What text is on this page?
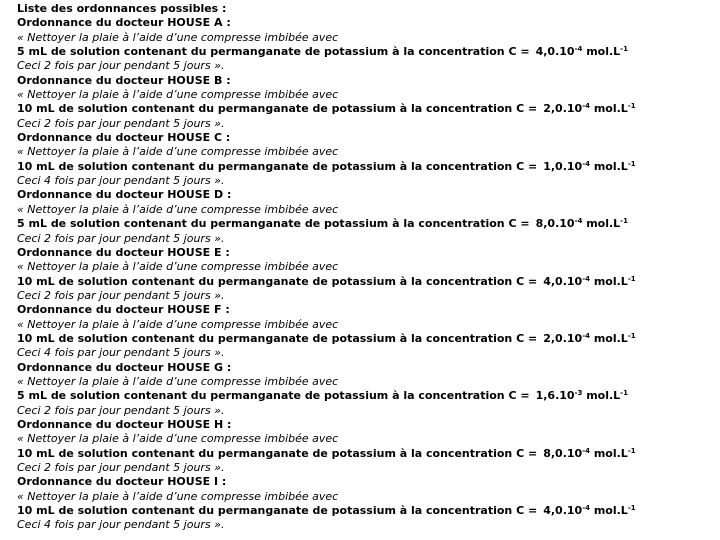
Liste des ordonnances possibles :
Ordonnance du docteur HOUSE A :
« Nettoyer la plaie à l’aide d’une compresse imbibée avec
5 mL de solution contenant du permanganate de potassium à la concentration $C = 4,0.10^{-4}$ $mol.L^{-1}$
Ceci 2 fois par jour pendant 5 jours ».
Ordonnance du docteur HOUSE B :
« Nettoyer la plaie à l’aide d’une compresse imbibée avec
10 mL de solution contenant du permanganate de potassium à la concentration $C = 2,0.10^{-4}$ $mol.L^{-1}$
Ceci 2 fois par jour pendant 5 jours ».
Ordonnance du docteur HOUSE C :
« Nettoyer la plaie à l’aide d’une compresse imbibée avec
10 mL de solution contenant du permanganate de potassium à la concentration $C = 1,0.10^{-4}$ $mol.L^{-1}$
Ceci 4 fois par jour pendant 5 jours ».
Ordonnance du docteur HOUSE D :
« Nettoyer la plaie à l’aide d’une compresse imbibée avec
5 mL de solution contenant du permanganate de potassium à la concentration $C = 8,0.10^{-4}$ $mol.L^{-1}$
Ceci 2 fois par jour pendant 5 jours ».
Ordonnance du docteur HOUSE E :
« Nettoyer la plaie à l’aide d’une compresse imbibée avec
10 mL de solution contenant du permanganate de potassium à la concentration $C = 4,0.10^{-4}$ $mol.L^{-1}$
Ceci 2 fois par jour pendant 5 jours ».
Ordonnance du docteur HOUSE F :
« Nettoyer la plaie à l’aide d’une compresse imbibée avec
10 mL de solution contenant du permanganate de potassium à la concentration $C = 2,0.10^{-4}$ $mol.L^{-1}$
Ceci 4 fois par jour pendant 5 jours ».
Ordonnance du docteur HOUSE G :
« Nettoyer la plaie à l’aide d’une compresse imbibée avec
5 mL de solution contenant du permanganate de potassium à la concentration $C = 1,6.10^{-3}$ $mol.L^{-1}$
Ceci 2 fois par jour pendant 5 jours ».
Ordonnance du docteur HOUSE H :
« Nettoyer la plaie à l’aide d’une compresse imbibée avec
10 mL de solution contenant du permanganate de potassium à la concentration $C = 8,0.10^{-4}$ $mol.L^{-1}$
Ceci 2 fois par jour pendant 5 jours ».
Ordonnance du docteur HOUSE I :
« Nettoyer la plaie à l’aide d’une compresse imbibée avec
10 mL de solution contenant du permanganate de potassium à la concentration $C = 4,0.10^{-4}$ $mol.L^{-1}$
Ceci 4 fois par jour pendant 5 jours ».
